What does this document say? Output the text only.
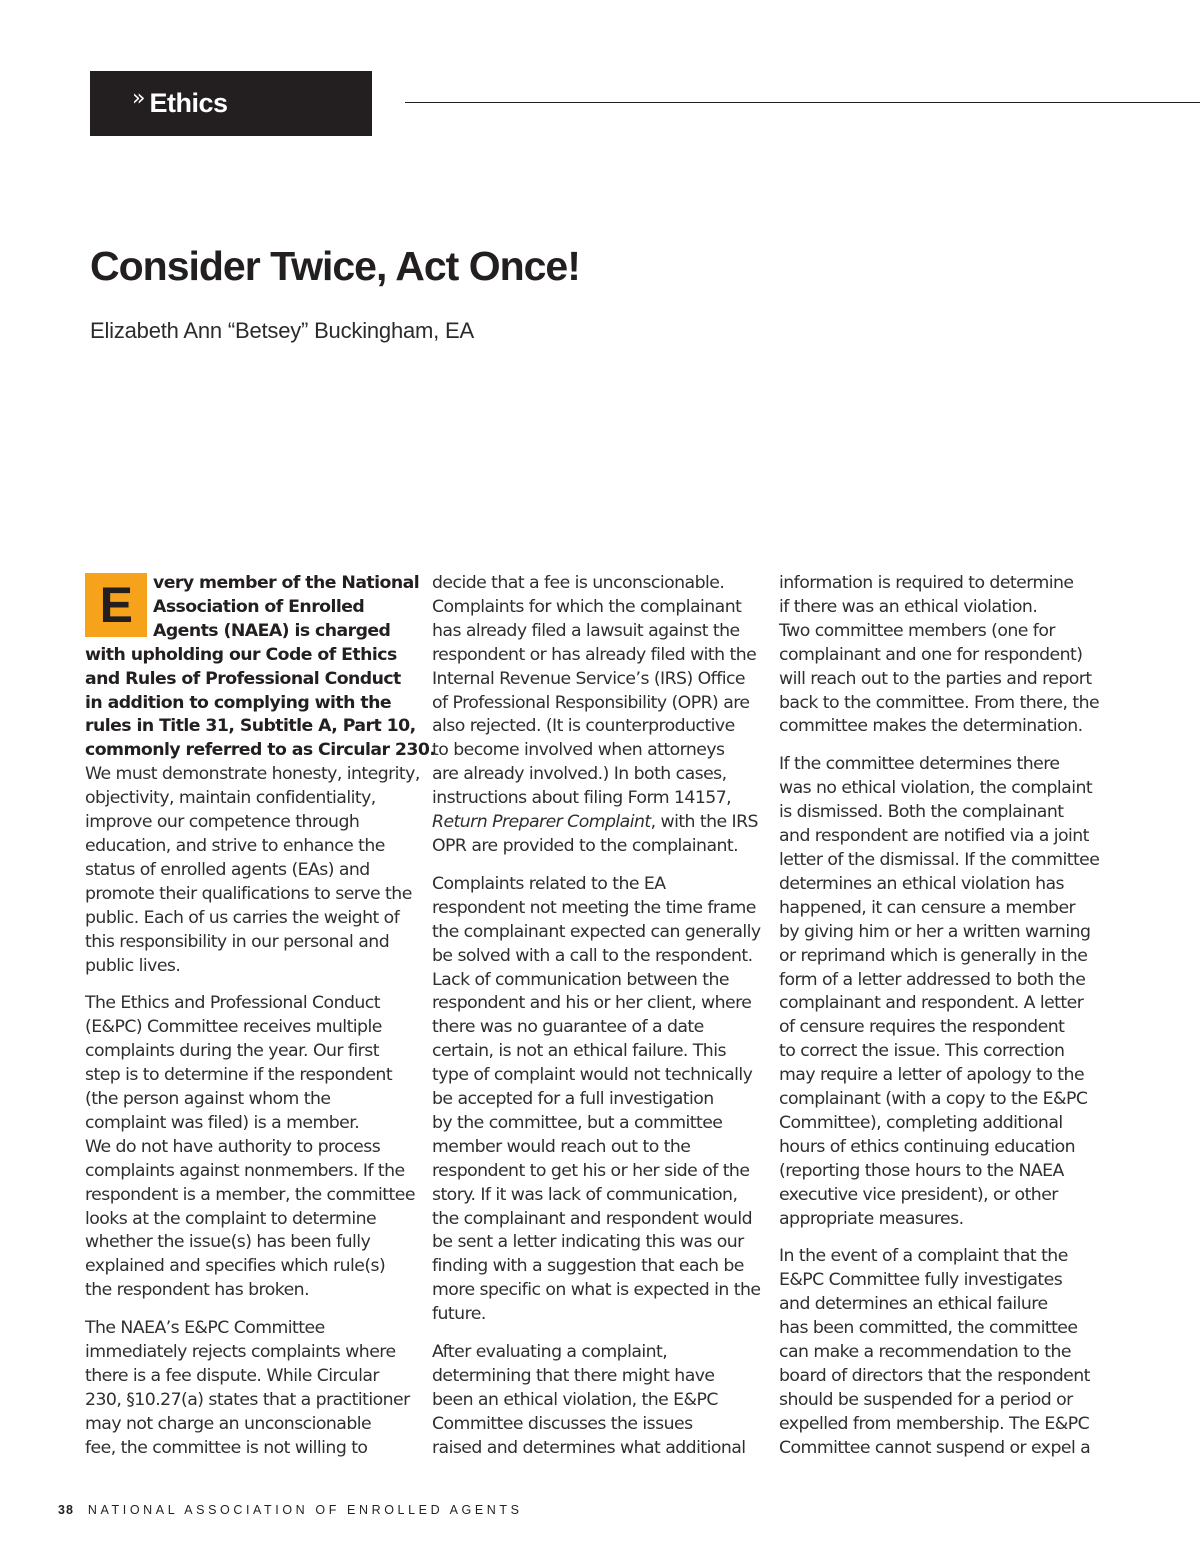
» Ethics
Consider Twice, Act Once!

Elizabeth Ann “Betsey” Buckingham, EA

E	very member of the National
Association of Enrolled
Agents (NAEA) is charged
with upholding our Code of Ethics
and Rules of Professional Conduct
in addition to complying with the
rules in Title 31, Subtitle A, Part 10,
commonly referred to as Circular 230.
We must demonstrate honesty, integrity,
objectivity, maintain confidentiality,
improve our competence through
education, and strive to enhance the
status of enrolled agents (EAs) and
promote their qualifications to serve the
public. Each of us carries the weight of
this responsibility in our personal and
public lives.

The Ethics and Professional Conduct
(E&PC) Committee receives multiple
complaints during the year. Our first
step is to determine if the respondent
(the person against whom the
complaint was filed) is a member.
We do not have authority to process
complaints against nonmembers. If the
respondent is a member, the committee
looks at the complaint to determine
whether the issue(s) has been fully
explained and specifies which rule(s)
the respondent has broken.

The NAEA’s E&PC Committee
immediately rejects complaints where
there is a fee dispute. While Circular
230, §10.27(a) states that a practitioner
may not charge an unconscionable
fee, the committee is not willing to

decide that a fee is unconscionable.
Complaints for which the complainant
has already filed a lawsuit against the
respondent or has already filed with the
Internal Revenue Service’s (IRS) Office
of Professional Responsibility (OPR) are
also rejected. (It is counterproductive
to become involved when attorneys
are already involved.) In both cases,
instructions about filing Form 14157,
Return Preparer Complaint, with the IRS
OPR are provided to the complainant.

Complaints related to the EA
respondent not meeting the time frame
the complainant expected can generally
be solved with a call to the respondent.
Lack of communication between the
respondent and his or her client, where
there was no guarantee of a date
certain, is not an ethical failure. This
type of complaint would not technically
be accepted for a full investigation
by the committee, but a committee
member would reach out to the
respondent to get his or her side of the
story. If it was lack of communication,
the complainant and respondent would
be sent a letter indicating this was our
finding with a suggestion that each be
more specific on what is expected in the
future.

After evaluating a complaint,
determining that there might have
been an ethical violation, the E&PC
Committee discusses the issues
raised and determines what additional

information is required to determine
if there was an ethical violation.
Two committee members (one for
complainant and one for respondent)
will reach out to the parties and report
back to the committee. From there, the
committee makes the determination.

If the committee determines there
was no ethical violation, the complaint
is dismissed. Both the complainant
and respondent are notified via a joint
letter of the dismissal. If the committee
determines an ethical violation has
happened, it can censure a member
by giving him or her a written warning
or reprimand which is generally in the
form of a letter addressed to both the
complainant and respondent. A letter
of censure requires the respondent
to correct the issue. This correction
may require a letter of apology to the
complainant (with a copy to the E&PC
Committee), completing additional
hours of ethics continuing education
(reporting those hours to the NAEA
executive vice president), or other
appropriate measures.

In the event of a complaint that the
E&PC Committee fully investigates
and determines an ethical failure
has been committed, the committee
can make a recommendation to the
board of directors that the respondent
should be suspended for a period or
expelled from membership. The E&PC
Committee cannot suspend or expel a

38 NATIONAL ASSOCIATION OF ENROLLED AGENTS
